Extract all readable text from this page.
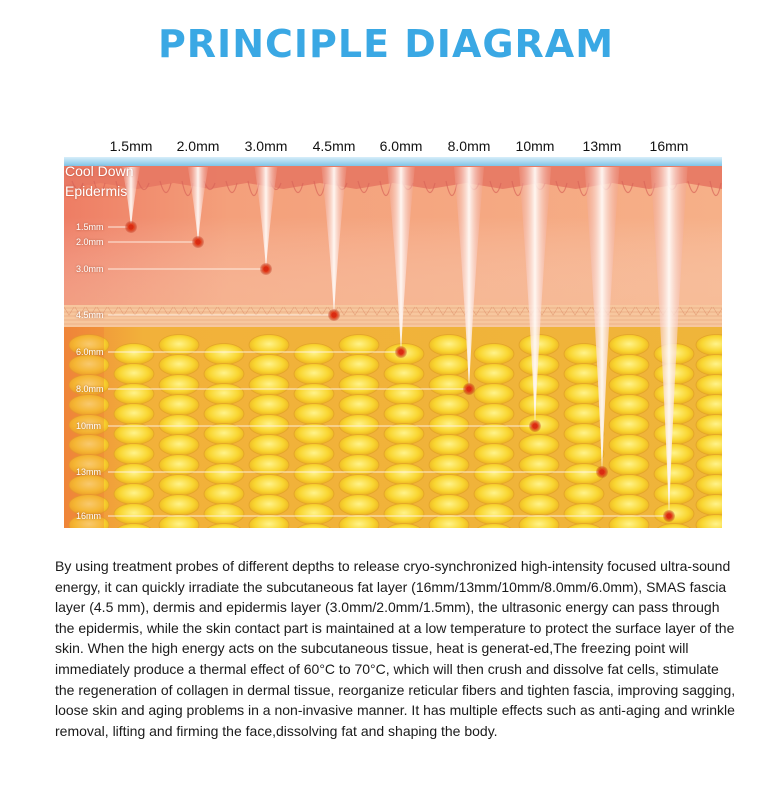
PRINCIPLE DIAGRAM
1.5mm 2.0mm 3.0mm 4.5mm 6.0mm 8.0mm 10mm 13mm 16mm
Cool Down
Epidermis
1.5mm
2.0mm
3.0mm
4.5mm
6.0mm
8.0mm
10mm
13mm
16mm

By using treatment probes of different depths to release cryo-synchronized high-intensity focused ultra-sound energy, it can quickly irradiate the subcutaneous fat layer (16mm/13mm/10mm/8.0mm/6.0mm), SMAS fascia layer (4.5 mm), dermis and epidermis layer (3.0mm/2.0mm/1.5mm), the ultrasonic energy can pass through the epidermis, while the skin contact part is maintained at a low temperature to protect the surface layer of the skin. When the high energy acts on the subcutaneous tissue, heat is generat-ed,The freezing point will immediately produce a thermal effect of 60°C to 70°C, which will then crush and dissolve fat cells, stimulate the regeneration of collagen in dermal tissue, reorganize reticular fibers and tighten fascia, improving sagging, loose skin and aging problems in a non-invasive manner. It has multiple effects such as anti-aging and wrinkle removal, lifting and firming the face,dissolving fat and shaping the body.
